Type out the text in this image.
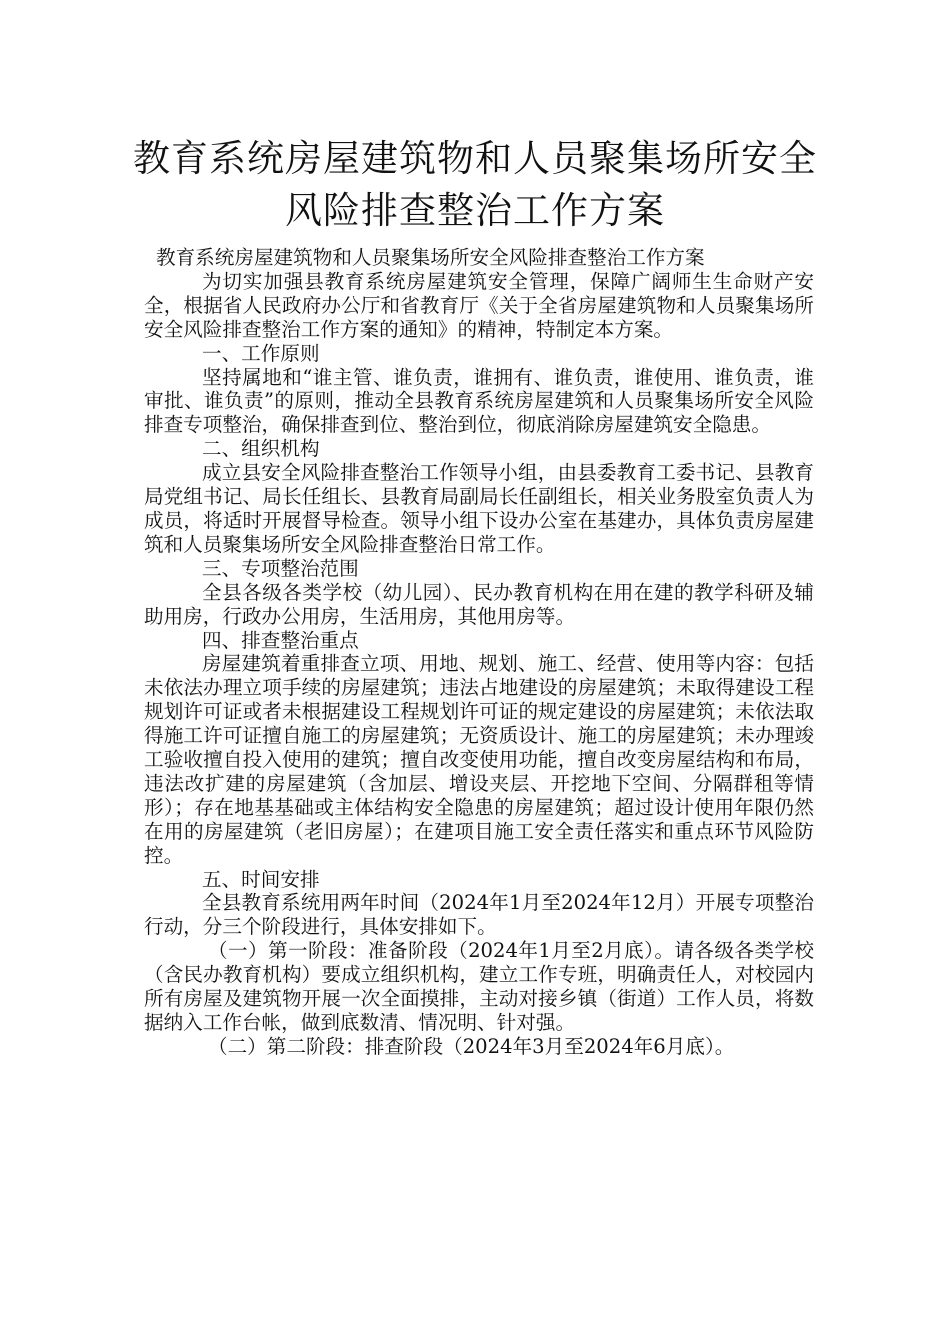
教育系统房屋建筑物和人员聚集场所安全
风险排查整治工作方案

教育系统房屋建筑物和人员聚集场所安全风险排查整治工作方案

为切实加强县教育系统房屋建筑安全管理，保障广阔师生生命财产安全，根据省人民政府办公厅和省教育厅《关于全省房屋建筑物和人员聚集场所安全风险排查整治工作方案的通知》的精神，特制定本方案。

一、工作原则

坚持属地和“谁主管、谁负责，谁拥有、谁负责，谁使用、谁负责，谁审批、谁负责”的原则，推动全县教育系统房屋建筑和人员聚集场所安全风险排查专项整治，确保排查到位、整治到位，彻底消除房屋建筑安全隐患。

二、组织机构

成立县安全风险排查整治工作领导小组，由县委教育工委书记、县教育局党组书记、局长任组长、县教育局副局长任副组长，相关业务股室负责人为成员，将适时开展督导检查。领导小组下设办公室在基建办，具体负责房屋建筑和人员聚集场所安全风险排查整治日常工作。

三、专项整治范围

全县各级各类学校（幼儿园）、民办教育机构在用在建的教学科研及辅助用房，行政办公用房，生活用房，其他用房等。

四、排查整治重点

房屋建筑着重排查立项、用地、规划、施工、经营、使用等内容：包括未依法办理立项手续的房屋建筑；违法占地建设的房屋建筑；未取得建设工程规划许可证或者未根据建设工程规划许可证的规定建设的房屋建筑；未依法取得施工许可证擅自施工的房屋建筑；无资质设计、施工的房屋建筑；未办理竣工验收擅自投入使用的建筑；擅自改变使用功能，擅自改变房屋结构和布局，违法改扩建的房屋建筑（含加层、增设夹层、开挖地下空间、分隔群租等情形）；存在地基基础或主体结构安全隐患的房屋建筑；超过设计使用年限仍然在用的房屋建筑（老旧房屋）；在建项目施工安全责任落实和重点环节风险防控。

五、时间安排

全县教育系统用两年时间（2024年1月至2024年12月）开展专项整治行动，分三个阶段进行，具体安排如下。

（一）第一阶段：准备阶段（2024年1月至2月底）。请各级各类学校（含民办教育机构）要成立组织机构，建立工作专班，明确责任人，对校园内所有房屋及建筑物开展一次全面摸排，主动对接乡镇（街道）工作人员，将数据纳入工作台帐，做到底数清、情况明、针对强。

（二）第二阶段：排查阶段（2024年3月至2024年6月底）。
